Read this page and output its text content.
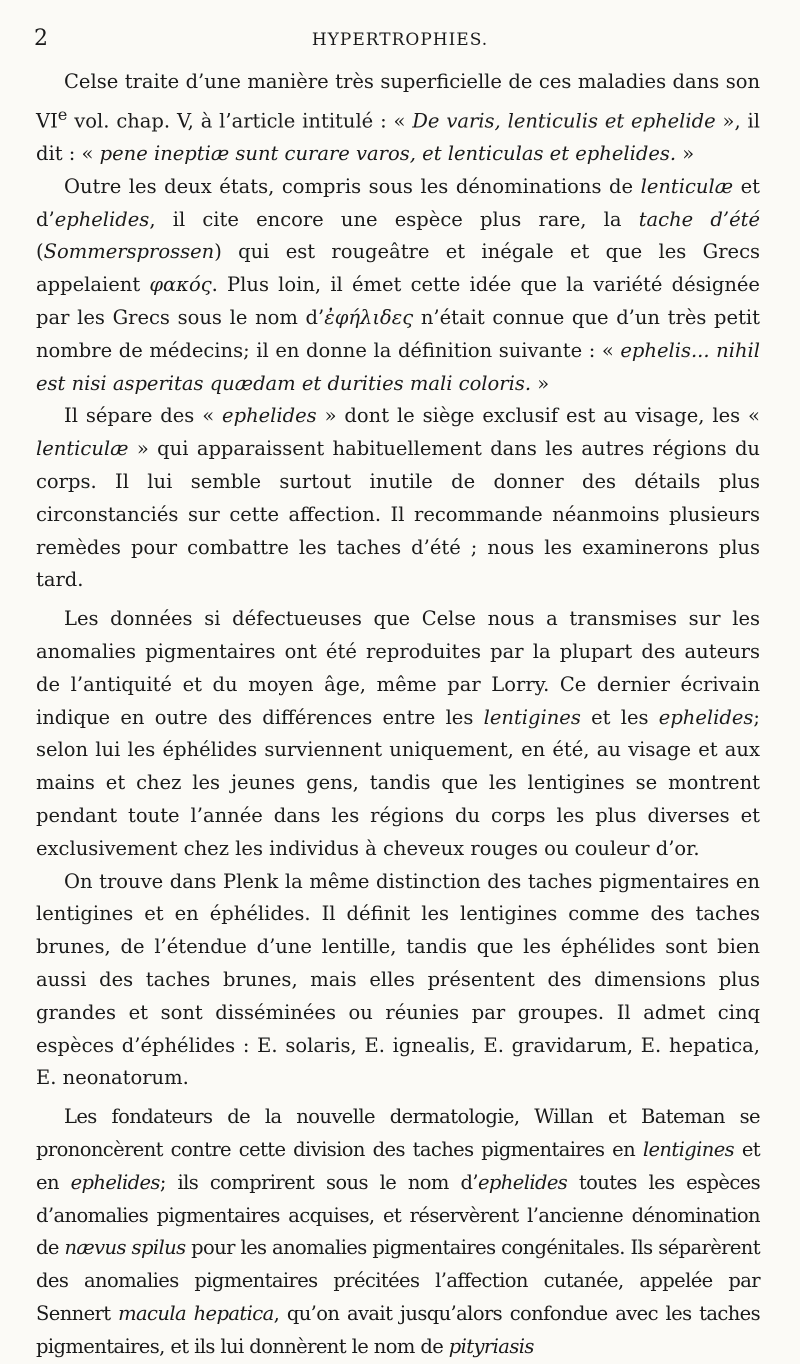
2	HYPERTROPHIES.

Celse traite d’une manière très superficielle de ces maladies dans son VIe vol. chap. V, à l’article intitulé : « De varis, lenticulis et ephelide », il dit : « pene ineptiæ sunt curare varos, et lenticulas et ephelides. »

Outre les deux états, compris sous les dénominations de lenticulæ et d’ephelides, il cite encore une espèce plus rare, la tache d’été (Sommersprossen) qui est rougeâtre et inégale et que les Grecs appelaient φακός. Plus loin, il émet cette idée que la variété désignée par les Grecs sous le nom d’ἐφήλιδες n’était connue que d’un très petit nombre de médecins; il en donne la définition suivante : « ephelis... nihil est nisi asperitas quædam et durities mali coloris. »

Il sépare des « ephelides » dont le siège exclusif est au visage, les « lenticulæ » qui apparaissent habituellement dans les autres régions du corps. Il lui semble surtout inutile de donner des détails plus circonstanciés sur cette affection. Il recommande néanmoins plusieurs remèdes pour combattre les taches d’été ; nous les examinerons plus tard.

Les données si défectueuses que Celse nous a transmises sur les anomalies pigmentaires ont été reproduites par la plupart des auteurs de l’antiquité et du moyen âge, même par Lorry. Ce dernier écrivain indique en outre des différences entre les lentigines et les ephelides; selon lui les éphélides surviennent uniquement, en été, au visage et aux mains et chez les jeunes gens, tandis que les lentigines se montrent pendant toute l’année dans les régions du corps les plus diverses et exclusivement chez les individus à cheveux rouges ou couleur d’or.

On trouve dans Plenk la même distinction des taches pigmentaires en lentigines et en éphélides. Il définit les lentigines comme des taches brunes, de l’étendue d’une lentille, tandis que les éphélides sont bien aussi des taches brunes, mais elles présentent des dimensions plus grandes et sont disséminées ou réunies par groupes. Il admet cinq espèces d’éphélides : E. solaris, E. ignealis, E. gravidarum, E. hepatica, E. neonatorum.

Les fondateurs de la nouvelle dermatologie, Willan et Bateman se prononcèrent contre cette division des taches pigmentaires en lentigines et en ephelides; ils comprirent sous le nom d’ephelides toutes les espèces d’anomalies pigmentaires acquises, et réservèrent l’ancienne dénomination de nævus spilus pour les anomalies pigmentaires congénitales. Ils séparèrent des anomalies pigmentaires précitées l’affection cutanée, appelée par Sennert macula hepatica, qu’on avait jusqu’alors confondue avec les taches pigmentaires, et ils lui donnèrent le nom de pityriasis
